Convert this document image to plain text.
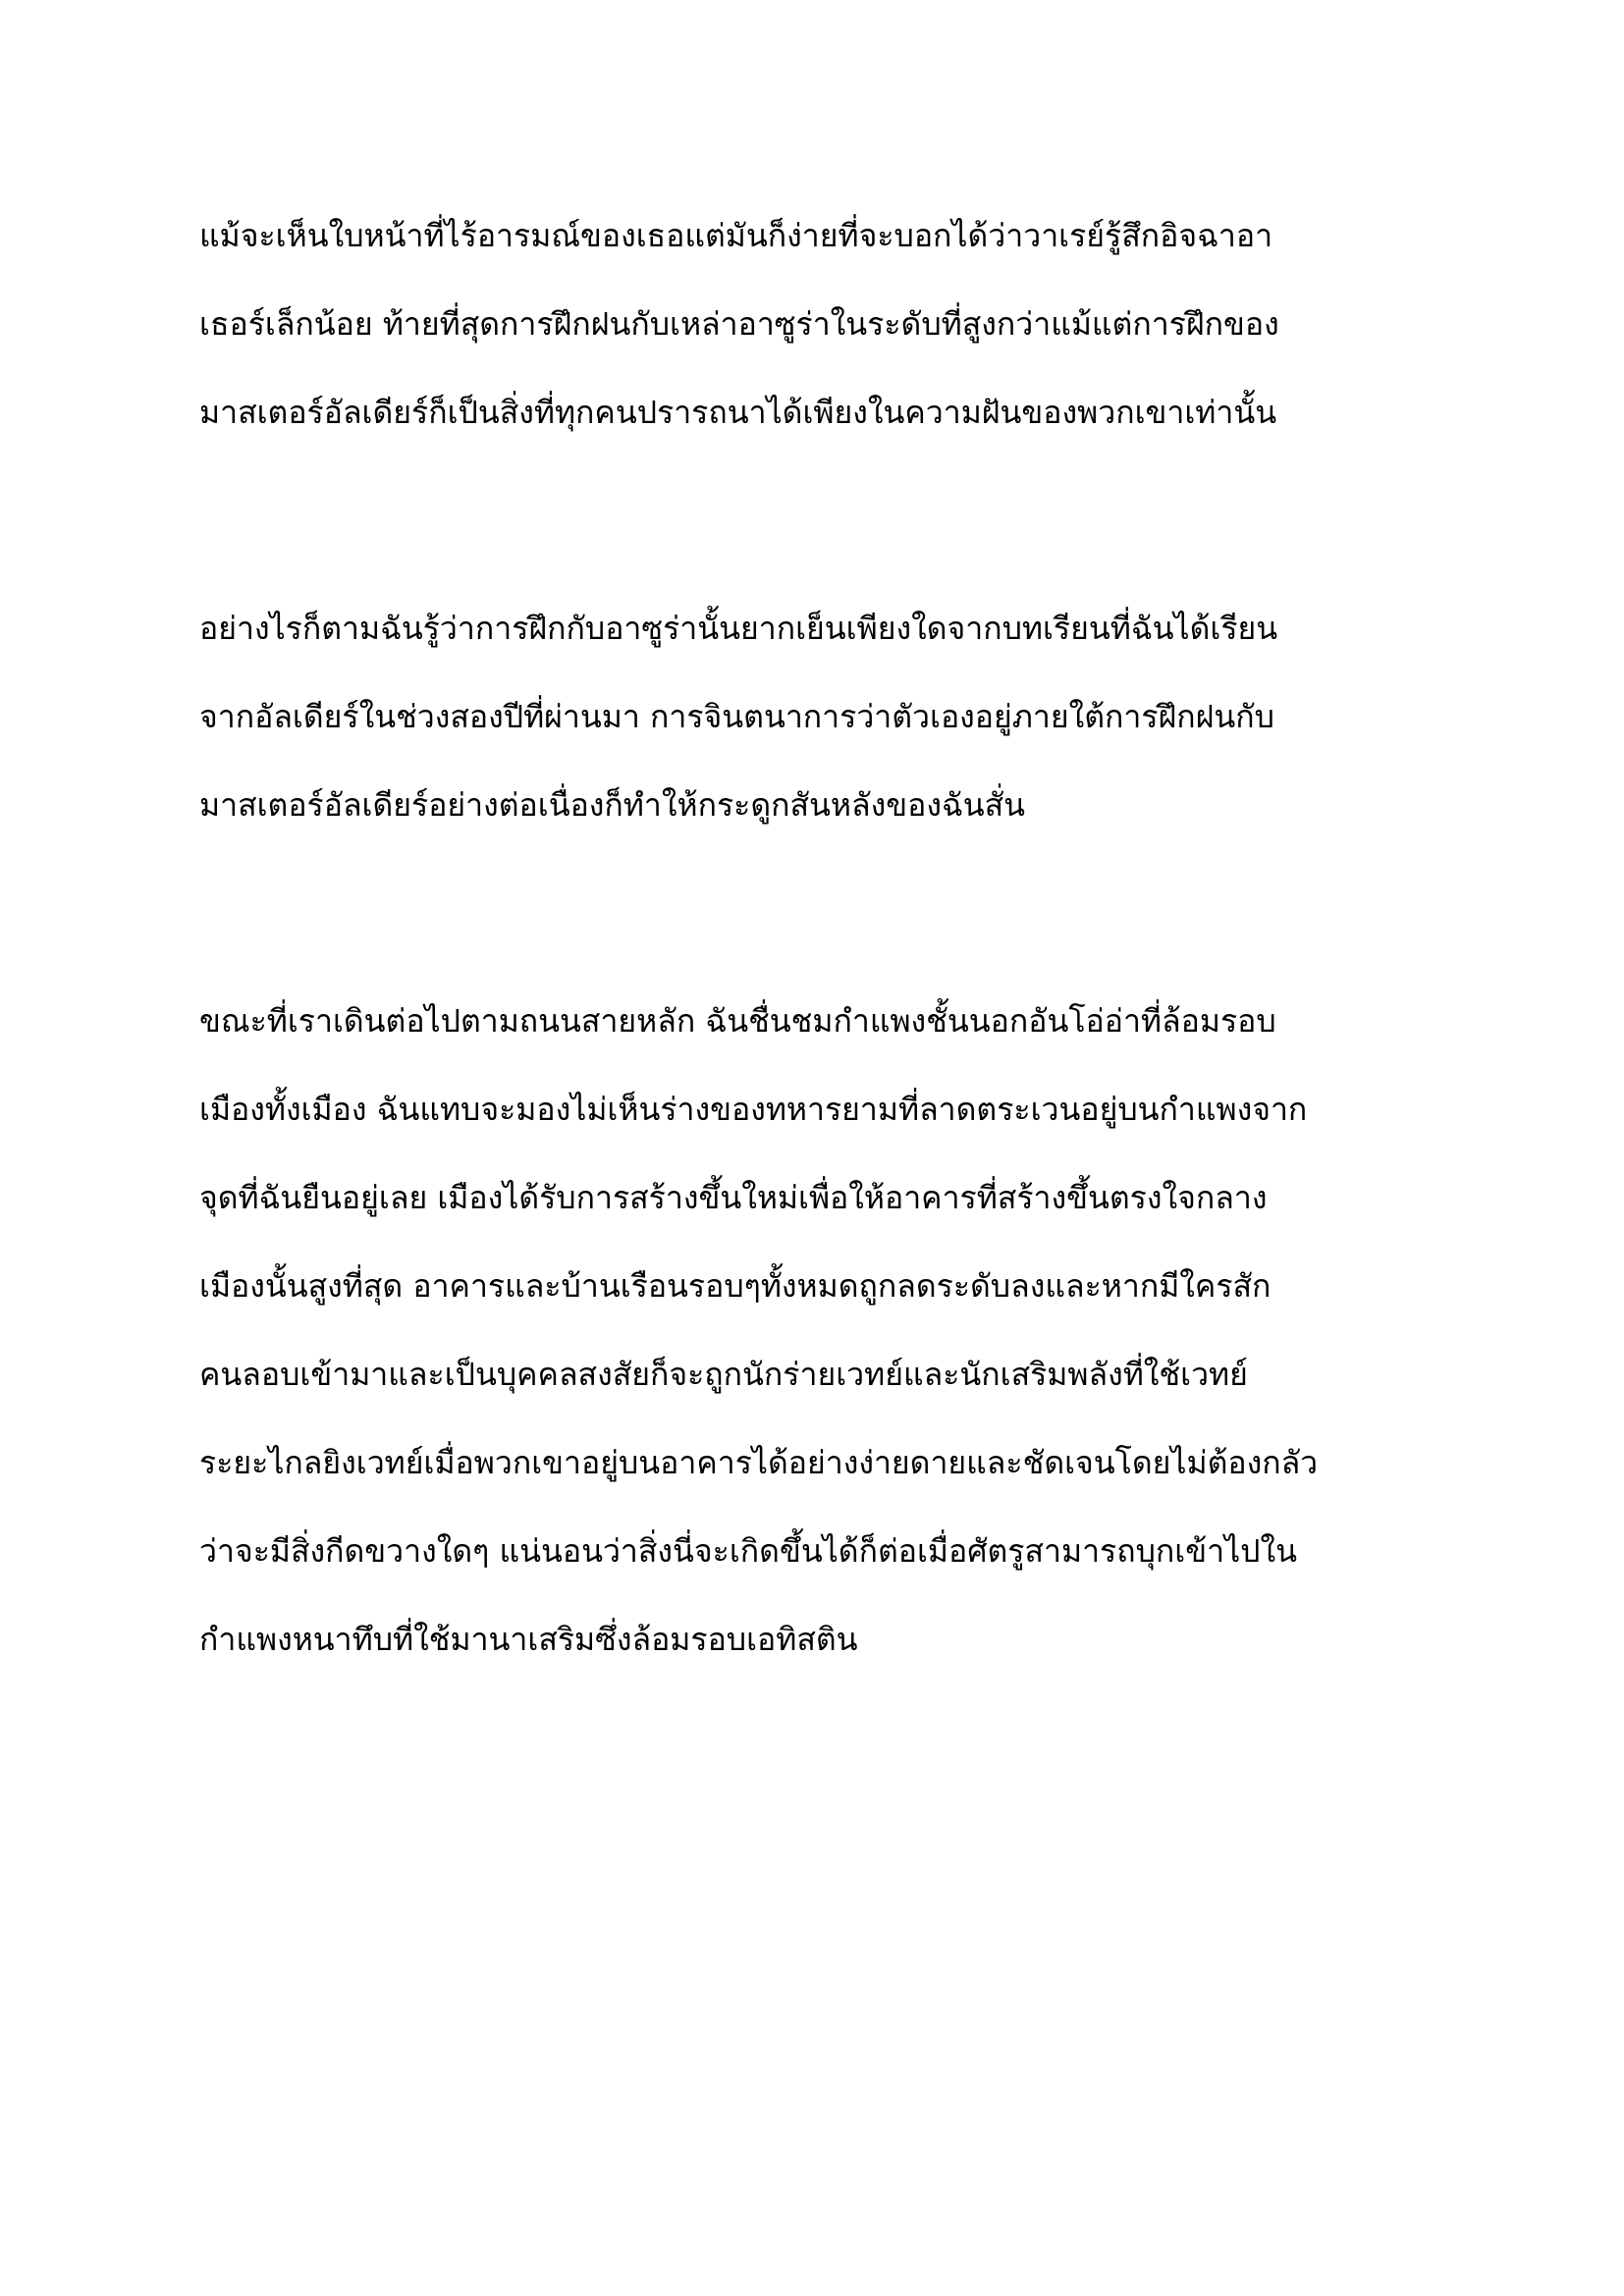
แม้จะเห็นใบหน้าที่ไร้อารมณ์ของเธอแต่มันก็ง่ายที่จะบอกได้ว่าวาเรย์รู้สึกอิจฉาอา
เธอร์เล็กน้อย ท้ายที่สุดการฝึกฝนกับเหล่าอาซูร่าในระดับที่สูงกว่าแม้แต่การฝึกของ
มาสเตอร์อัลเดียร์ก็เป็นสิ่งที่ทุกคนปรารถนาได้เพียงในความฝันของพวกเขาเท่านั้น
อย่างไรก็ตามฉันรู้ว่าการฝึกกับอาซูร่านั้นยากเย็นเพียงใดจากบทเรียนที่ฉันได้เรียน
จากอัลเดียร์ในช่วงสองปีที่ผ่านมา การจินตนาการว่าตัวเองอยู่ภายใต้การฝึกฝนกับ
มาสเตอร์อัลเดียร์อย่างต่อเนื่องก็ทำให้กระดูกสันหลังของฉันสั่น
ขณะที่เราเดินต่อไปตามถนนสายหลัก ฉันชื่นชมกำแพงชั้นนอกอันโอ่อ่าที่ล้อมรอบ
เมืองทั้งเมือง ฉันแทบจะมองไม่เห็นร่างของทหารยามที่ลาดตระเวนอยู่บนกำแพงจาก
จุดที่ฉันยืนอยู่เลย เมืองได้รับการสร้างขึ้นใหม่เพื่อให้อาคารที่สร้างขึ้นตรงใจกลาง
เมืองนั้นสูงที่สุด อาคารและบ้านเรือนรอบๆทั้งหมดถูกลดระดับลงและหากมีใครสัก
คนลอบเข้ามาและเป็นบุคคลสงสัยก็จะถูกนักร่ายเวทย์และนักเสริมพลังที่ใช้เวทย์
ระยะไกลยิงเวทย์เมื่อพวกเขาอยู่บนอาคารได้อย่างง่ายดายและชัดเจนโดยไม่ต้องกลัว
ว่าจะมีสิ่งกีดขวางใดๆ แน่นอนว่าสิ่งนี่จะเกิดขึ้นได้ก็ต่อเมื่อศัตรูสามารถบุกเข้าไปใน
กำแพงหนาทึบที่ใช้มานาเสริมซึ่งล้อมรอบเอทิสติน
